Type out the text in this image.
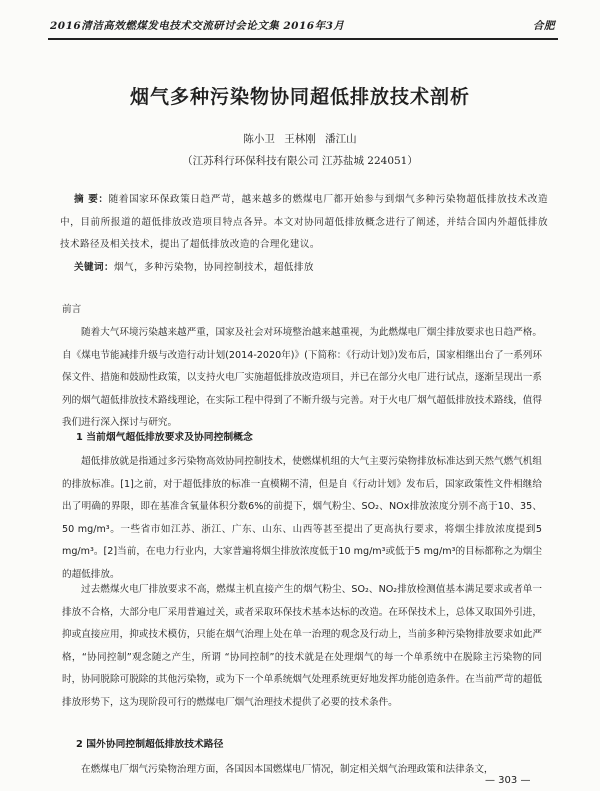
2016清洁高效燃煤发电技术交流研讨会论文集 2016年3月	合肥
烟气多种污染物协同超低排放技术剖析
陈小卫 王林刚 潘江山
（江苏科行环保科技有限公司 江苏盐城 224051）
摘 要：随着国家环保政策日趋严苛，越来越多的燃煤电厂都开始参与到烟气多种污染物超低排放技术改造中，目前所报道的超低排放改造项目特点各异。本文对协同超低排放概念进行了阐述，并结合国内外超低排放技术路径及相关技术，提出了超低排放改造的合理化建议。
关键词：烟气，多种污染物，协同控制技术，超低排放
前言
随着大气环境污染越来越严重，国家及社会对环境整治越来越重视，为此燃煤电厂烟尘排放要求也日趋严格。自《煤电节能减排升级与改造行动计划(2014-2020年)》(下简称：《行动计划》)发布后，国家相继出台了一系列环保文件、措施和鼓励性政策，以支持火电厂实施超低排放改造项目，并已在部分火电厂进行试点，逐渐呈现出一系列的烟气超低排放技术路线理论，在实际工程中得到了不断升级与完善。对于火电厂烟气超低排放技术路线，值得我们进行深入探讨与研究。
1 当前烟气超低排放要求及协同控制概念
超低排放就是指通过多污染物高效协同控制技术，使燃煤机组的大气主要污染物排放标准达到天然气燃气机组的排放标准。[1]之前，对于超低排放的标准一直模糊不清，但是自《行动计划》发布后，国家政策性文件相继给出了明确的界限，即在基准含氧量体积分数6%的前提下，烟气粉尘、SO₂、NOx排放浓度分别不高于10、35、50 mg/m³。一些省市如江苏、浙江、广东、山东、山西等甚至提出了更高执行要求，将烟尘排放浓度提到5 mg/m³。[2]当前，在电力行业内，大家普遍将烟尘排放浓度低于10 mg/m³或低于5 mg/m³的目标都称之为烟尘的超低排放。
过去燃煤火电厂排放要求不高，燃煤主机直接产生的烟气粉尘、SO₂、NO₂排放检测值基本满足要求或者单一排放不合格，大部分电厂采用普遍过关，或者采取环保技术基本达标的改造。在环保技术上，总体又取国外引进，抑或直接应用，抑或技术模仿，只能在烟气治理上处在单一治理的观念及行动上，当前多种污染物排放要求如此严格，“协同控制”观念随之产生，所谓 “协同控制”的技术就是在处理烟气的每一个单系统中在脱除主污染物的同时，协同脱除可脱除的其他污染物，或为下一个单系统烟气处理系统更好地发挥功能创造条件。在当前严苛的超低排放形势下，这为现阶段可行的燃煤电厂烟气治理技术提供了必要的技术条件。
2 国外协同控制超低排放技术路径
在燃煤电厂烟气污染物治理方面，各国因本国燃煤电厂情况，制定相关烟气治理政策和法律条文，
— 303 —
